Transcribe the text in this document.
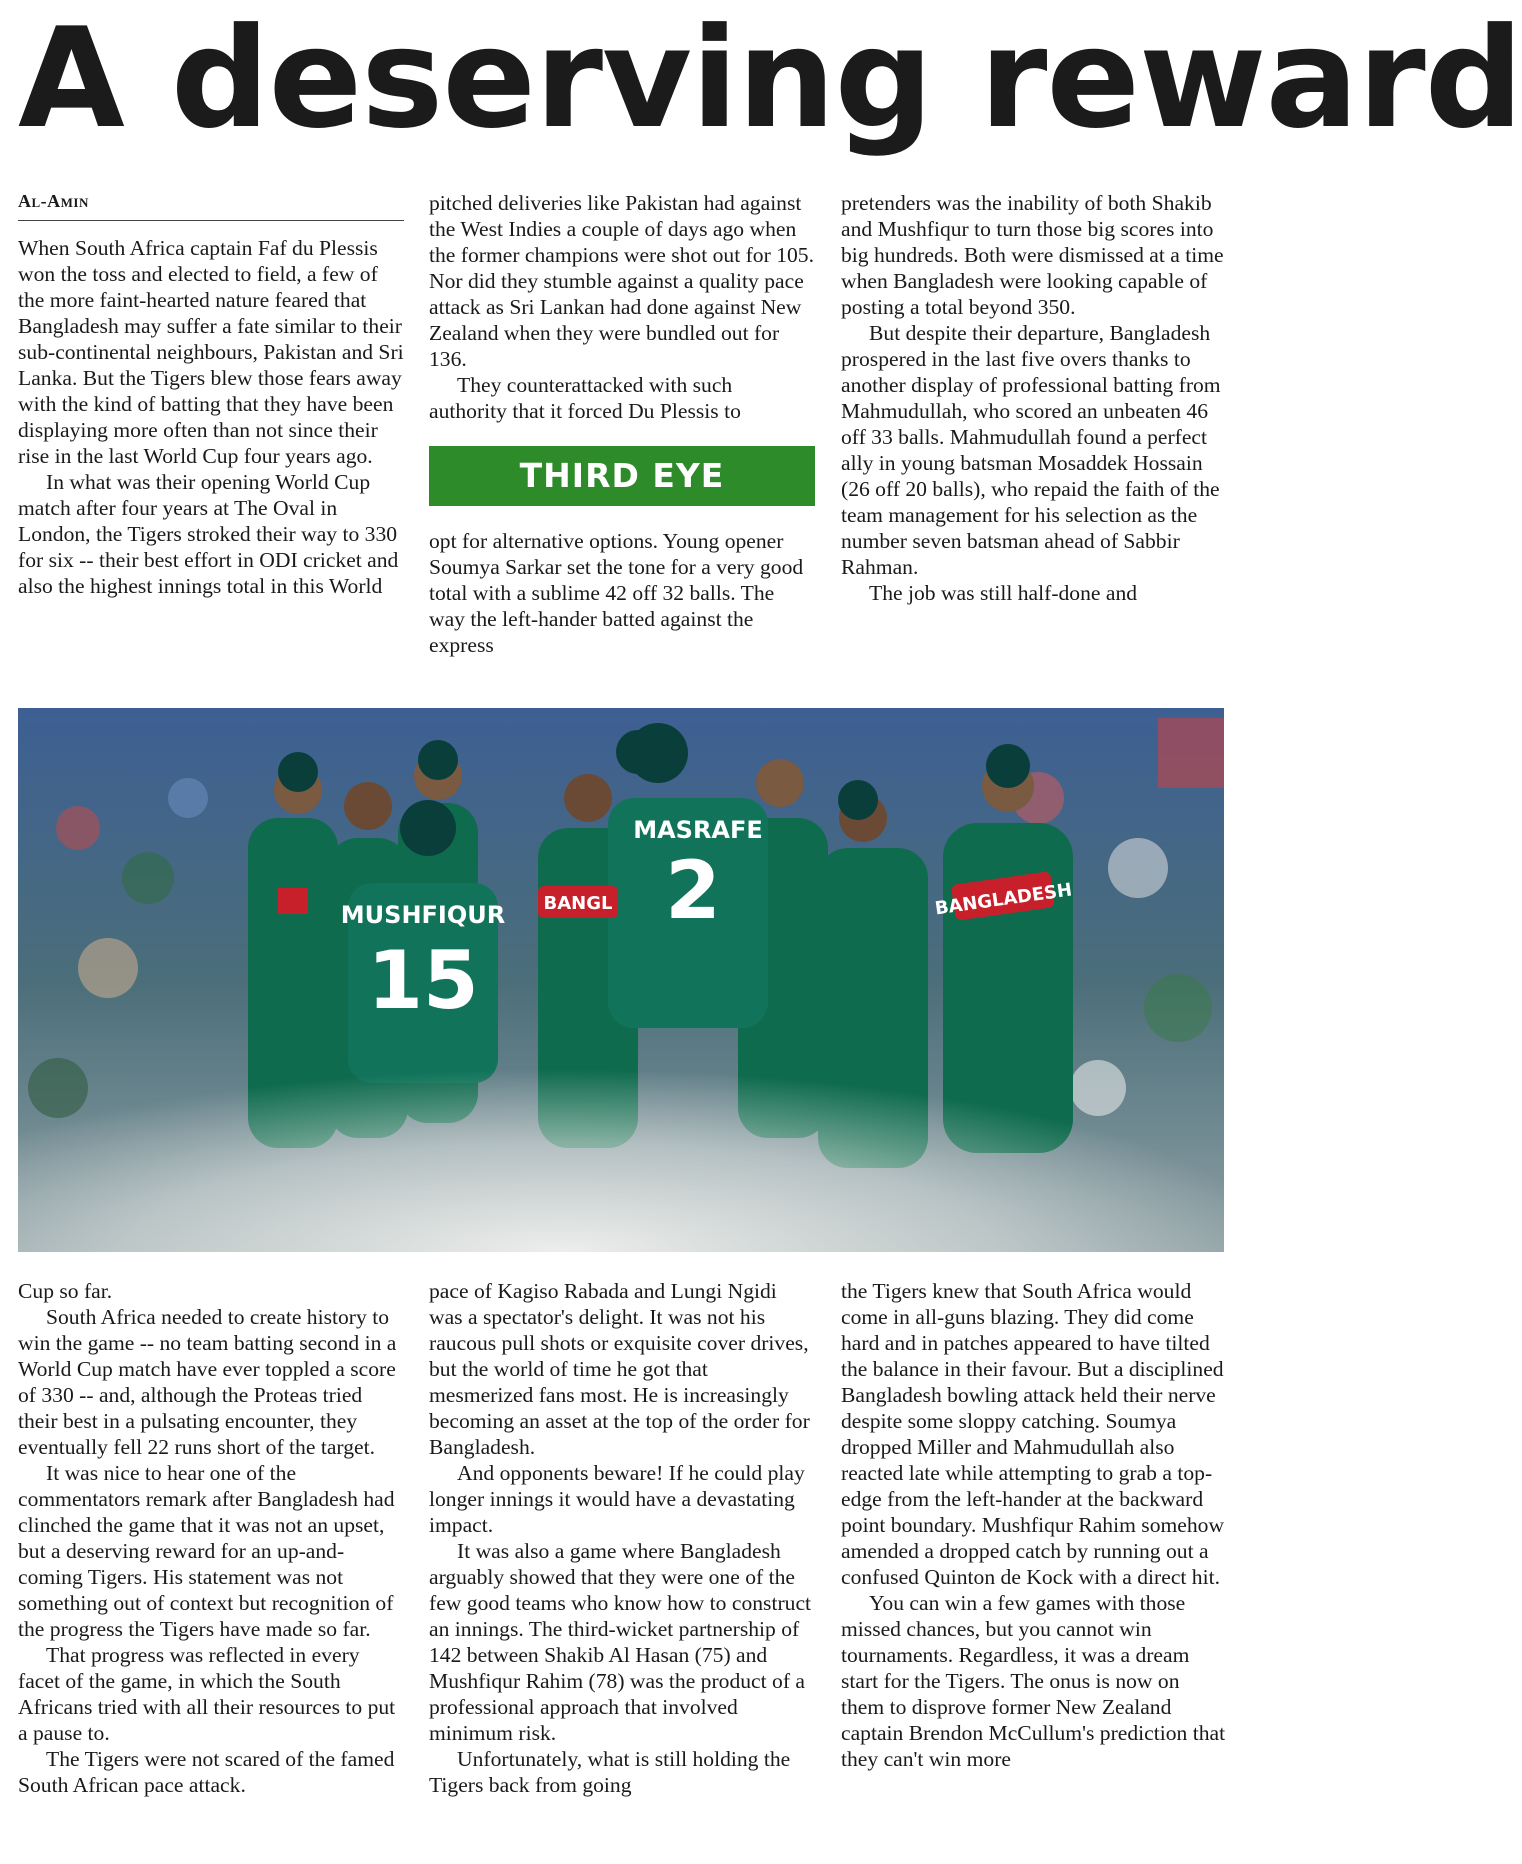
A deserving reward
Al-Amin

When South Africa captain Faf du Plessis won the toss and elected to field, a few of the more faint-hearted nature feared that Bangladesh may suffer a fate similar to their sub-continental neighbours, Pakistan and Sri Lanka. But the Tigers blew those fears away with the kind of batting that they have been displaying more often than not since their rise in the last World Cup four years ago.

In what was their opening World Cup match after four years at The Oval in London, the Tigers stroked their way to 330 for six -- their best effort in ODI cricket and also the highest innings total in this World

pitched deliveries like Pakistan had against the West Indies a couple of days ago when the former champions were shot out for 105. Nor did they stumble against a quality pace attack as Sri Lankan had done against New Zealand when they were bundled out for 136.

They counterattacked with such authority that it forced Du Plessis to

THIRD EYE

opt for alternative options. Young opener Soumya Sarkar set the tone for a very good total with a sublime 42 off 32 balls. The way the left-hander batted against the express

pretenders was the inability of both Shakib and Mushfiqur to turn those big scores into big hundreds. Both were dismissed at a time when Bangladesh were looking capable of posting a total beyond 350.

But despite their departure, Bangladesh prospered in the last five overs thanks to another display of professional batting from Mahmudullah, who scored an unbeaten 46 off 33 balls. Mahmudullah found a perfect ally in young batsman Mosaddek Hossain (26 off 20 balls), who repaid the faith of the team management for his selection as the number seven batsman ahead of Sabbir Rahman.

The job was still half-done and

MUSHFIQUR
MASRAFE
2	BANGLADESH
BANGL

Cup so far.

South Africa needed to create history to win the game -- no team batting second in a World Cup match have ever toppled a score of 330 -- and, although the Proteas tried their best in a pulsating encounter, they eventually fell 22 runs short of the target.

It was nice to hear one of the commentators remark after Bangladesh had clinched the game that it was not an upset, but a deserving reward for an up-and-coming Tigers. His statement was not something out of context but recognition of the progress the Tigers have made so far.

That progress was reflected in every facet of the game, in which the South Africans tried with all their resources to put a pause to.

The Tigers were not scared of the famed South African pace attack.

pace of Kagiso Rabada and Lungi Ngidi was a spectator's delight. It was not his raucous pull shots or exquisite cover drives, but the world of time he got that mesmerized fans most. He is increasingly becoming an asset at the top of the order for Bangladesh.

And opponents beware! If he could play longer innings it would have a devastating impact.

It was also a game where Bangladesh arguably showed that they were one of the few good teams who know how to construct an innings. The third-wicket partnership of 142 between Shakib Al Hasan (75) and Mushfiqur Rahim (78) was the product of a professional approach that involved minimum risk.

Unfortunately, what is still holding the Tigers back from going

the Tigers knew that South Africa would come in all-guns blazing. They did come hard and in patches appeared to have tilted the balance in their favour. But a disciplined Bangladesh bowling attack held their nerve despite some sloppy catching. Soumya dropped Miller and Mahmudullah also reacted late while attempting to grab a top-edge from the left-hander at the backward point boundary. Mushfiqur Rahim somehow amended a dropped catch by running out a confused Quinton de Kock with a direct hit.

You can win a few games with those missed chances, but you cannot win tournaments. Regardless, it was a dream start for the Tigers. The onus is now on them to disprove former New Zealand captain Brendon McCullum's prediction that they can't win more
